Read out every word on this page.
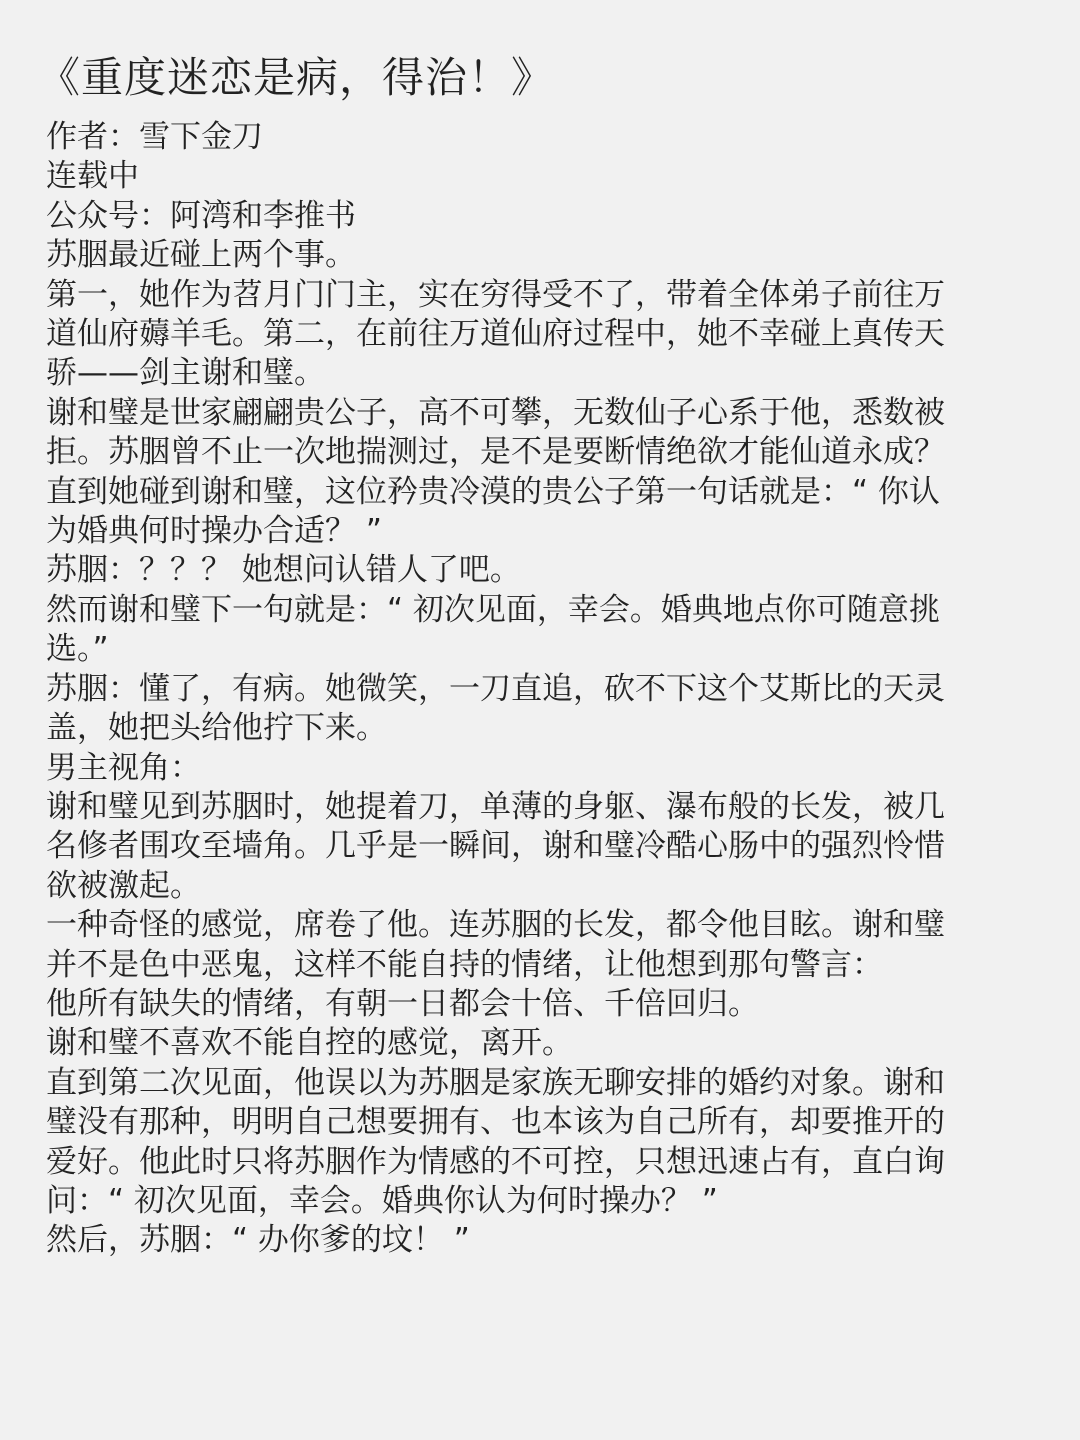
《重度迷恋是病，得治！》
作者：雪下金刀
连载中
公众号：阿湾和李推书
苏胭最近碰上两个事。
第一，她作为苕月门门主，实在穷得受不了，带着全体弟子前往万
道仙府薅羊毛。第二，在前往万道仙府过程中，她不幸碰上真传天
骄——剑主谢和璧。
谢和璧是世家翩翩贵公子，高不可攀，无数仙子心系于他，悉数被
拒。苏胭曾不止一次地揣测过，是不是要断情绝欲才能仙道永成？
直到她碰到谢和璧，这位矜贵冷漠的贵公子第一句话就是：“ 你认
为婚典何时操办合适？ ”
苏胭：？？？ 她想问认错人了吧。
然而谢和璧下一句就是：“ 初次见面，幸会。婚典地点你可随意挑
选。”
苏胭：懂了，有病。她微笑，一刀直追，砍不下这个艾斯比的天灵
盖，她把头给他拧下来。
男主视角：
谢和璧见到苏胭时，她提着刀，单薄的身躯、瀑布般的长发，被几
名修者围攻至墙角。几乎是一瞬间，谢和璧冷酷心肠中的强烈怜惜
欲被激起。
一种奇怪的感觉，席卷了他。连苏胭的长发，都令他目眩。谢和璧
并不是色中恶鬼，这样不能自持的情绪，让他想到那句警言：
他所有缺失的情绪，有朝一日都会十倍、千倍回归。
谢和璧不喜欢不能自控的感觉，离开。
直到第二次见面，他误以为苏胭是家族无聊安排的婚约对象。谢和
璧没有那种，明明自己想要拥有、也本该为自己所有，却要推开的
爱好。他此时只将苏胭作为情感的不可控，只想迅速占有，直白询
问：“ 初次见面，幸会。婚典你认为何时操办？ ”
然后，苏胭：“ 办你爹的坟！ ”
